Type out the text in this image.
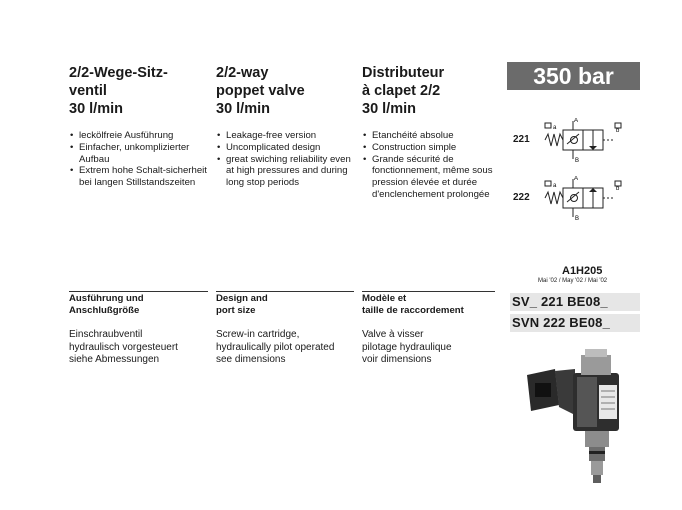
2/2-Wege-Sitz-
ventil
30 l/min
• leckölfreie Ausführung
• Einfacher, unkomplizierter Aufbau
• Extrem hohe Schalt-sicherheit bei langen Stillstandszeiten
2/2-way
poppet valve
30 l/min
• Leakage-free version
• Uncomplicated design
• great swiching reliability even at high pressures and during long stop periods
Distributeur
à clapet 2/2
30 l/min
• Etanchéité absolue
• Construction simple
• Grande sécurité de fonctionnement, même sous pression élevée et durée d'enclenchement prolongée
350 bar
221
A
B
a	b
222
A
B
a	b
Ausführung und
Anschlußgröße
Design and
port size
Modèle et
taille de raccordement
Einschraubventil
hydraulisch vorgesteuert
siehe Abmessungen
Screw-in cartridge,
hydraulically pilot operated
see dimensions
Valve à visser
pilotage hydraulique
voir dimensions
A1H205
Mai '02 / May '02 / Mai '02
SV_ 221 BE08_
SVN 222 BE08_
